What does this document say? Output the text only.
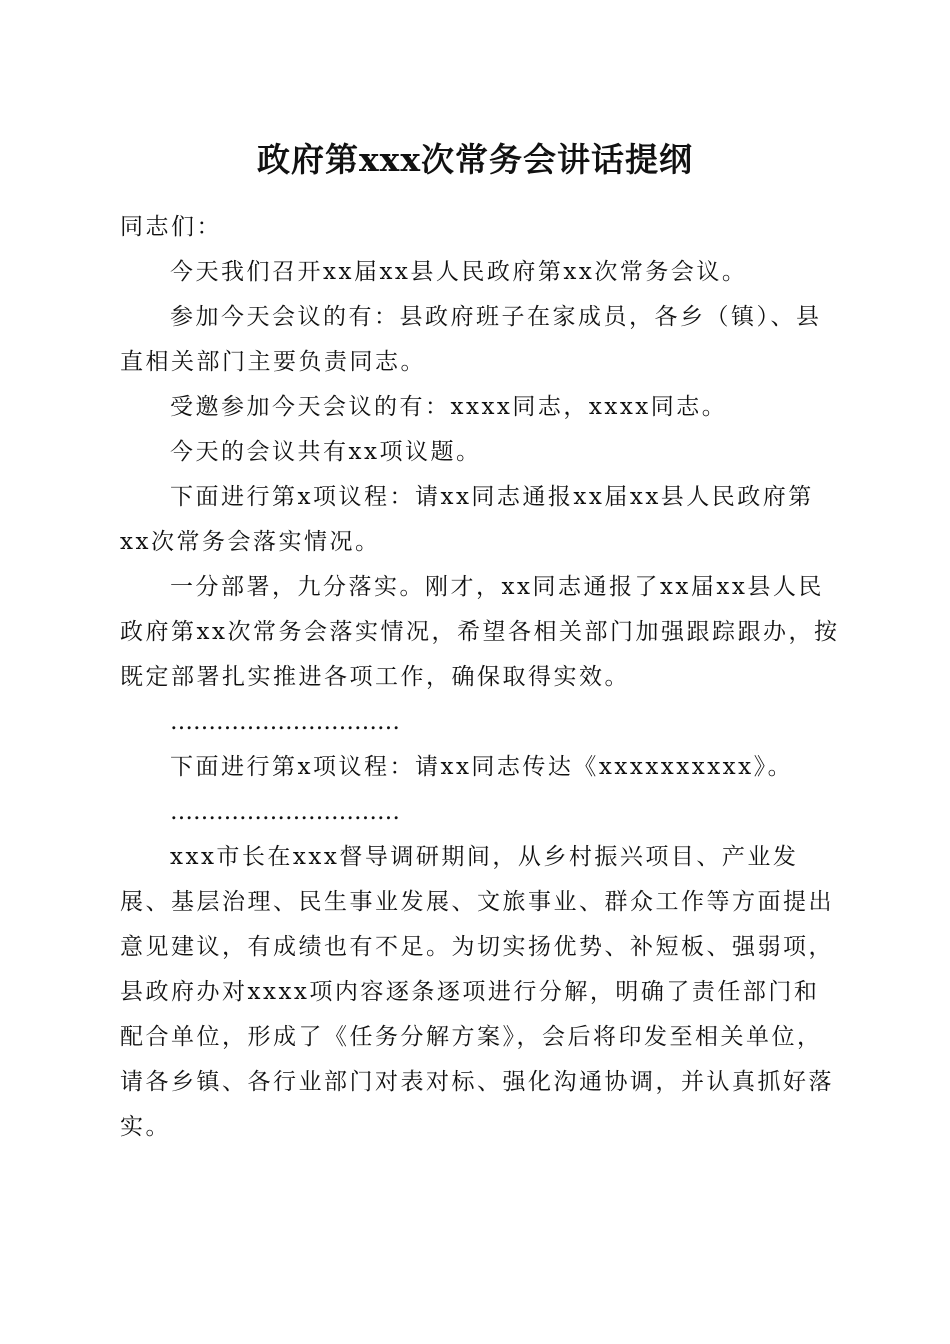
政府第xxx次常务会讲话提纲

同志们：

今天我们召开xx届xx县人民政府第xx次常务会议。

参加今天会议的有：县政府班子在家成员，各乡（镇）、县直相关部门主要负责同志。

受邀参加今天会议的有：xxxx同志，xxxx同志。

今天的会议共有xx项议题。

下面进行第x项议程：请xx同志通报xx届xx县人民政府第xx次常务会落实情况。

一分部署，九分落实。刚才，xx同志通报了xx届xx县人民政府第xx次常务会落实情况，希望各相关部门加强跟踪跟办，按既定部署扎实推进各项工作，确保取得实效。

…………………………

下面进行第x项议程：请xx同志传达《xxxxxxxxxx》。

…………………………

xxx市长在xxx督导调研期间，从乡村振兴项目、产业发展、基层治理、民生事业发展、文旅事业、群众工作等方面提出意见建议，有成绩也有不足。为切实扬优势、补短板、强弱项，县政府办对xxxx项内容逐条逐项进行分解，明确了责任部门和配合单位，形成了《任务分解方案》，会后将印发至相关单位，请各乡镇、各行业部门对表对标、强化沟通协调，并认真抓好落实。
